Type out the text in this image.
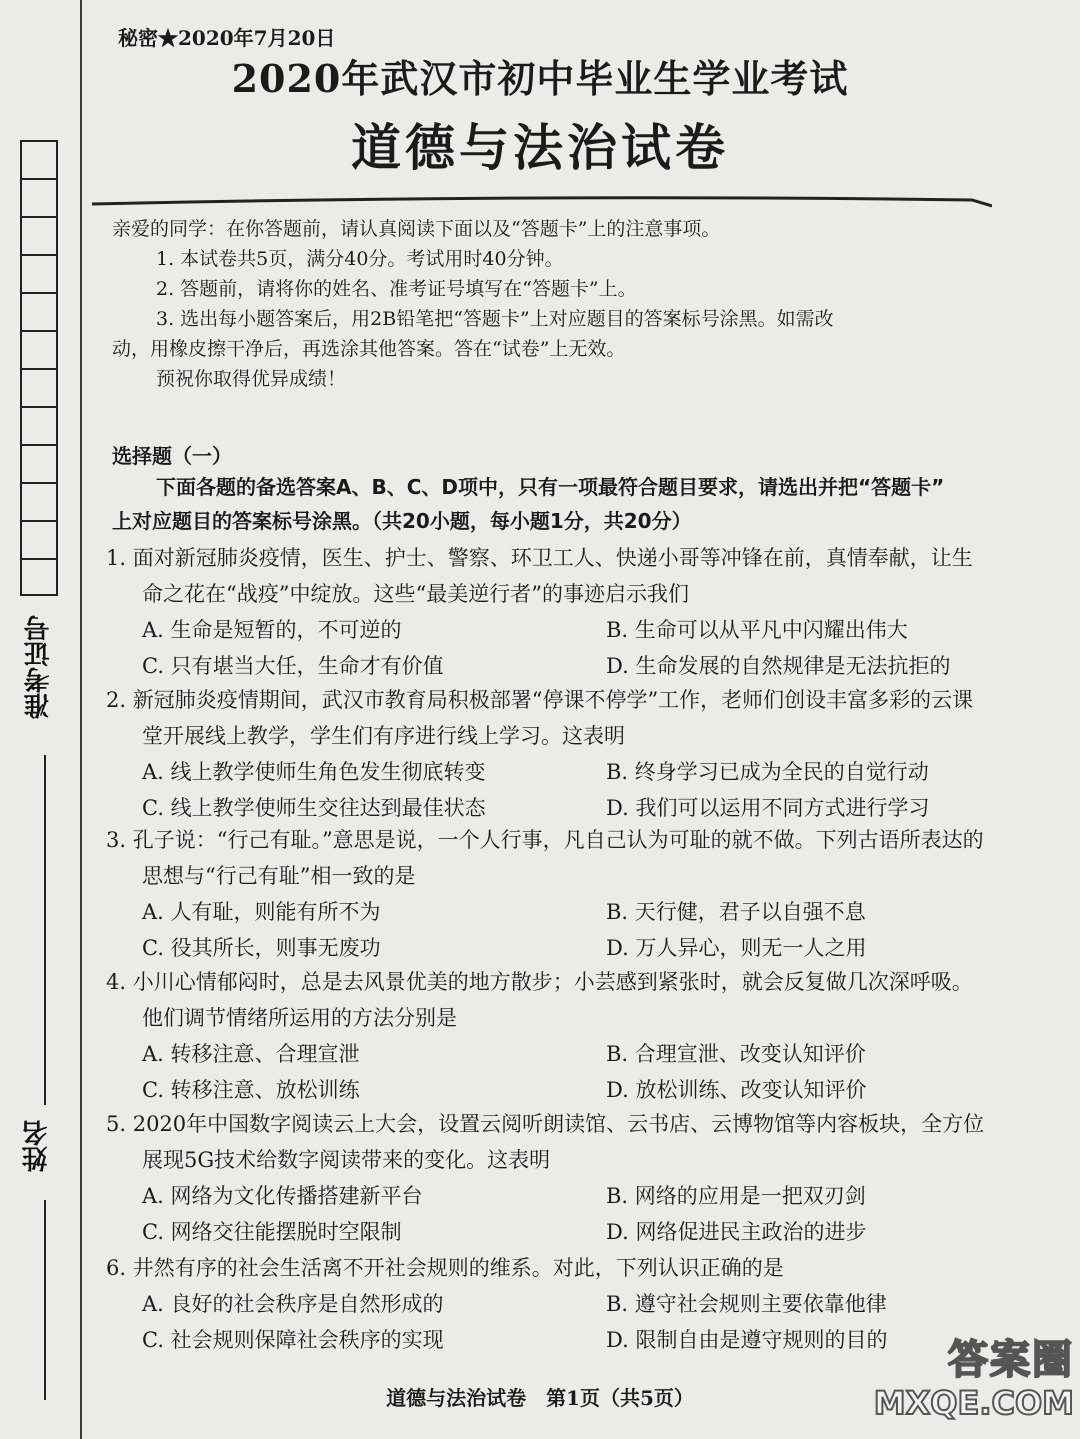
准考证号
姓名
秘密★2020年7月20日
2020年武汉市初中毕业生学业考试
道德与法治试卷

亲爱的同学：在你答题前，请认真阅读下面以及“答题卡”上的注意事项。

1. 本试卷共5页，满分40分。考试用时40分钟。

2. 答题前，请将你的姓名、准考证号填写在“答题卡”上。

3. 选出每小题答案后，用2B铅笔把“答题卡”上对应题目的答案标号涂黑。如需改

动，用橡皮擦干净后，再选涂其他答案。答在“试卷”上无效。

预祝你取得优异成绩！

选择题（一）

下面各题的备选答案A、B、C、D项中，只有一项最符合题目要求，请选出并把“答题卡”

上对应题目的答案标号涂黑。（共20小题，每小题1分，共20分）

1. 面对新冠肺炎疫情，医生、护士、警察、环卫工人、快递小哥等冲锋在前，真情奉献，让生命之花在“战疫”中绽放。这些“最美逆行者”的事迹启示我们

A. 生命是短暂的，不可逆的	B. 生命可以从平凡中闪耀出伟大
C. 只有堪当大任，生命才有价值	D. 生命发展的自然规律是无法抗拒的

2. 新冠肺炎疫情期间，武汉市教育局积极部署“停课不停学”工作，老师们创设丰富多彩的云课堂开展线上教学，学生们有序进行线上学习。这表明

A. 线上教学使师生角色发生彻底转变	B. 终身学习已成为全民的自觉行动
C. 线上教学使师生交往达到最佳状态	D. 我们可以运用不同方式进行学习

3. 孔子说：“行己有耻。”意思是说，一个人行事，凡自己认为可耻的就不做。下列古语所表达的思想与“行己有耻”相一致的是

A. 人有耻，则能有所不为	B. 天行健，君子以自强不息
C. 役其所长，则事无废功	D. 万人异心，则无一人之用

4. 小川心情郁闷时，总是去风景优美的地方散步；小芸感到紧张时，就会反复做几次深呼吸。他们调节情绪所运用的方法分别是

A. 转移注意、合理宣泄	B. 合理宣泄、改变认知评价
C. 转移注意、放松训练	D. 放松训练、改变认知评价

5. 2020年中国数字阅读云上大会，设置云阅听朗读馆、云书店、云博物馆等内容板块，全方位展现5G技术给数字阅读带来的变化。这表明

A. 网络为文化传播搭建新平台	B. 网络的应用是一把双刃剑
C. 网络交往能摆脱时空限制	D. 网络促进民主政治的进步

6. 井然有序的社会生活离不开社会规则的维系。对此，下列认识正确的是

A. 良好的社会秩序是自然形成的	B. 遵守社会规则主要依靠他律
C. 社会规则保障社会秩序的实现	D. 限制自由是遵守规则的目的
道德与法治试卷　第1页（共5页）
答案圈
MXQE.COM
